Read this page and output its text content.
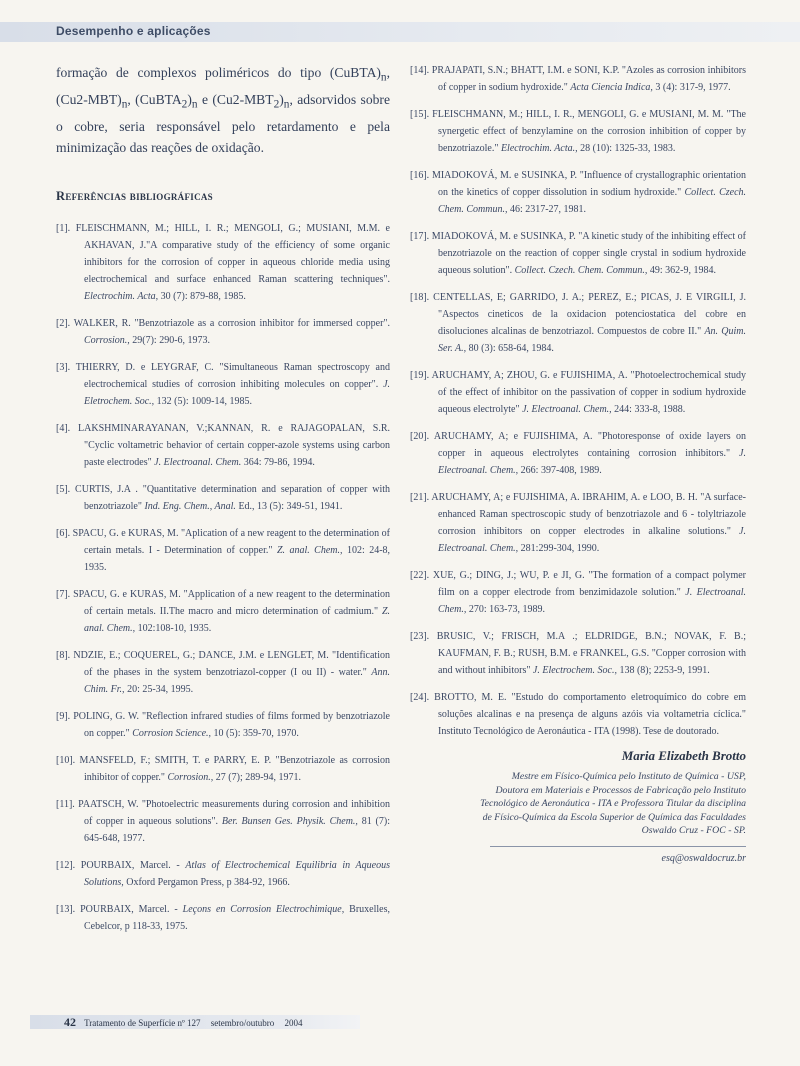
Desempenho e aplicações

formação de complexos poliméricos do tipo $(CuBTA)_n$, $(Cu2-MBT)_n$, $(CuBTA_2)_n$ e $(Cu2-MBT_2)_n$, adsorvidos sobre o cobre, seria responsável pelo retardamento e pela minimização das reações de oxidação.

Referências bibliográficas

[1]. FLEISCHMANN, M.; HILL, I. R.; MENGOLI, G.; MUSIANI, M.M. e AKHAVAN, J."A comparative study of the efficiency of some organic inhibitors for the corrosion of copper in aqueous chloride media using electrochemical and surface enhanced Raman scattering techniques". Electrochim. Acta, 30 (7): 879-88, 1985.

[2]. WALKER, R. "Benzotriazole as a corrosion inhibitor for immersed copper". Corrosion., 29(7): 290-6, 1973.

[3]. THIERRY, D. e LEYGRAF, C. "Simultaneous Raman spectroscopy and electrochemical studies of corrosion inhibiting molecules on copper". J. Eletrochem. Soc., 132 (5): 1009-14, 1985.

[4]. LAKSHMINARAYANAN, V.;KANNAN, R. e RAJAGOPALAN, S.R. "Cyclic voltametric behavior of certain copper-azole systems using carbon paste electrodes" J. Electroanal. Chem. 364: 79-86, 1994.

[5]. CURTIS, J.A . "Quantitative determination and separation of copper with benzotriazole" Ind. Eng. Chem., Anal. Ed., 13 (5): 349-51, 1941.

[6]. SPACU, G. e KURAS, M. "Aplication of a new reagent to the determination of certain metals. I - Determination of copper." Z. anal. Chem., 102: 24-8, 1935.

[7]. SPACU, G. e KURAS, M. "Application of a new reagent to the determination of certain metals. II.The macro and micro determination of cadmium." Z. anal. Chem., 102:108-10, 1935.

[8]. NDZIE, E.; COQUEREL, G.; DANCE, J.M. e LENGLET, M. "Identification of the phases in the system benzotriazol-copper (I ou II) - water." Ann. Chim. Fr., 20: 25-34, 1995.

[9]. POLING, G. W. "Reflection infrared studies of films formed by benzotriazole on copper." Corrosion Science., 10 (5): 359-70, 1970.

[10]. MANSFELD, F.; SMITH, T. e PARRY, E. P. "Benzotriazole as corrosion inhibitor of copper." Corrosion., 27 (7); 289-94, 1971.

[11]. PAATSCH, W. "Photoelectric measurements during corrosion and inhibition of copper in aqueous solutions". Ber. Bunsen Ges. Physik. Chem., 81 (7): 645-648, 1977.

[12]. POURBAIX, Marcel. - Atlas of Electrochemical Equilibria in Aqueous Solutions, Oxford Pergamon Press, p 384-92, 1966.

[13]. POURBAIX, Marcel. - Leçons en Corrosion Electrochimique, Bruxelles, Cebelcor, p 118-33, 1975.

[14]. PRAJAPATI, S.N.; BHATT, I.M. e SONI, K.P. "Azoles as corrosion inhibitors of copper in sodium hydroxide." Acta Ciencia Indica, 3 (4): 317-9, 1977.

[15]. FLEISCHMANN, M.; HILL, I. R., MENGOLI, G. e MUSIANI, M. M. "The synergetic effect of benzylamine on the corrosion inhibition of copper by benzotriazole." Electrochim. Acta., 28 (10): 1325-33, 1983.

[16]. MIADOKOVÁ, M. e SUSINKA, P. "Influence of crystallographic orientation on the kinetics of copper dissolution in sodium hydroxide." Collect. Czech. Chem. Commun., 46: 2317-27, 1981.

[17]. MIADOKOVÁ, M. e SUSINKA, P. "A kinetic study of the inhibiting effect of benzotriazole on the reaction of copper single crystal in sodium hydroxide aqueous solution". Collect. Czech. Chem. Commun., 49: 362-9, 1984.

[18]. CENTELLAS, E; GARRIDO, J. A.; PEREZ, E.; PICAS, J. E VIRGILI, J. "Aspectos cineticos de la oxidacion potenciostatica del cobre en disoluciones alcalinas de benzotriazol. Compuestos de cobre II." An. Quim. Ser. A., 80 (3): 658-64, 1984.

[19]. ARUCHAMY, A; ZHOU, G. e FUJISHIMA, A. "Photoelectrochemical study of the effect of inhibitor on the passivation of copper in sodium hydroxide aqueous electrolyte" J. Electroanal. Chem., 244: 333-8, 1988.

[20]. ARUCHAMY, A; e FUJISHIMA, A. "Photoresponse of oxide layers on copper in aqueous electrolytes containing corrosion inhibitors." J. Electroanal. Chem., 266: 397-408, 1989.

[21]. ARUCHAMY, A; e FUJISHIMA, A. IBRAHIM, A. e LOO, B. H. "A surface-enhanced Raman spectroscopic study of benzotriazole and 6 - tolyltriazole corrosion inhibitors on copper electrodes in alkaline solutions." J. Electroanal. Chem., 281:299-304, 1990.

[22]. XUE, G.; DING, J.; WU, P. e JI, G. "The formation of a compact polymer film on a copper electrode from benzimidazole solution." J. Electroanal. Chem., 270: 163-73, 1989.

[23]. BRUSIC, V.; FRISCH, M.A .; ELDRIDGE, B.N.; NOVAK, F. B.; KAUFMAN, F. B.; RUSH, B.M. e FRANKEL, G.S. "Copper corrosion with and without inhibitors" J. Electrochem. Soc., 138 (8); 2253-9, 1991.

[24]. BROTTO, M. E. "Estudo do comportamento eletroquímico do cobre em soluções alcalinas e na presença de alguns azóis via voltametria cíclica." Instituto Tecnológico de Aeronáutica - ITA (1998). Tese de doutorado.

Maria Elizabeth Brotto
Mestre em Físico-Química pelo Instituto de Química - USP,
Doutora em Materiais e Processos de Fabricação pelo Instituto
Tecnológico de Aeronáutica - ITA e Professora Titular da disciplina
de Físico-Química da Escola Superior de Química das Faculdades
Oswaldo Cruz - FOC - SP.
esq@oswaldocruz.br
42 Tratamento de Superfície nº 127 setembro/outubro 2004
